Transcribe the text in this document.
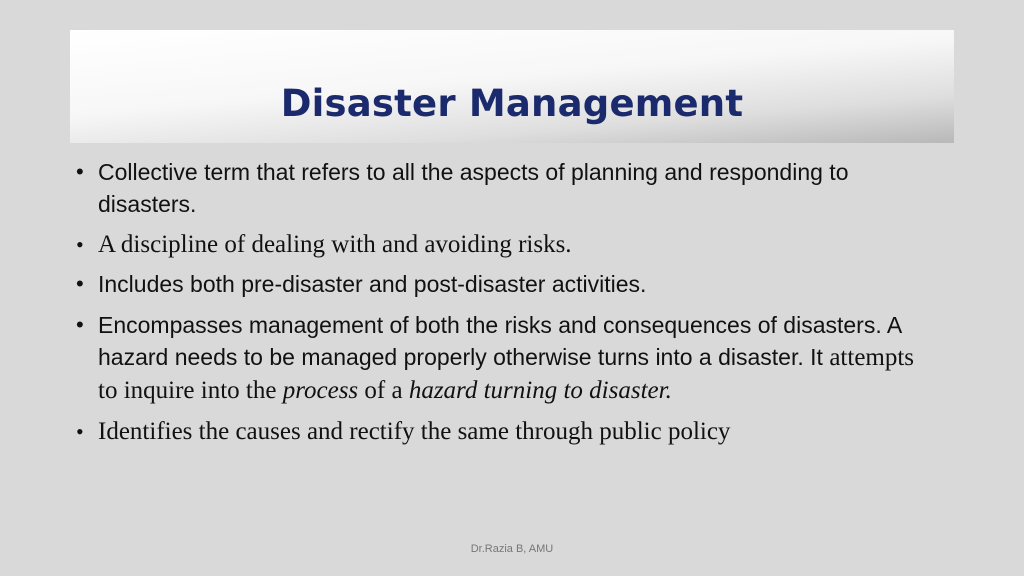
Disaster Management
• Collective term that refers to all the aspects of planning and responding to disasters.
• A discipline of dealing with and avoiding risks.
• Includes both pre-disaster and post-disaster activities.
• Encompasses management of both the risks and consequences of disasters. A hazard needs to be managed properly otherwise turns into a disaster. It attempts to inquire into the process of a hazard turning to disaster.
• Identifies the causes and rectify the same through public policy
Dr.Razia B, AMU
